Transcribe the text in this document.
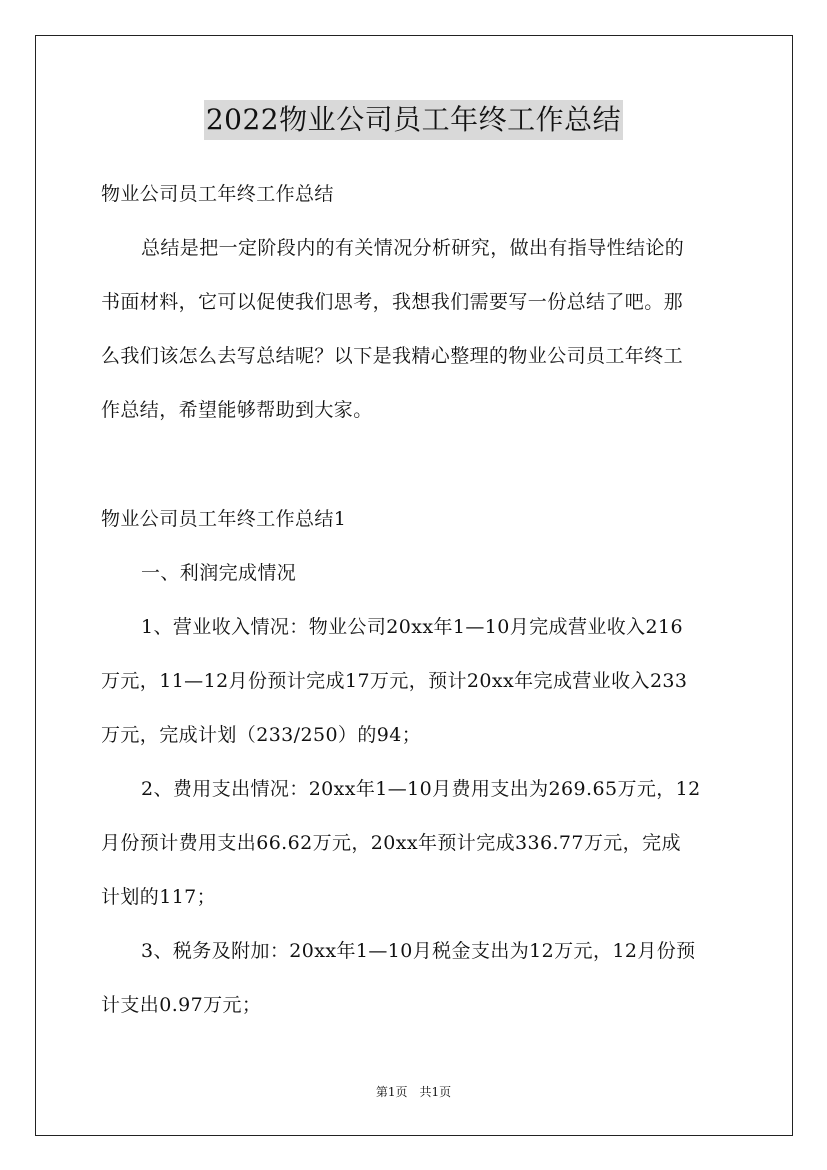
2022物业公司员工年终工作总结
物业公司员工年终工作总结
总结是把一定阶段内的有关情况分析研究，做出有指导性结论的
书面材料，它可以促使我们思考，我想我们需要写一份总结了吧。那
么我们该怎么去写总结呢？以下是我精心整理的物业公司员工年终工
作总结，希望能够帮助到大家。
物业公司员工年终工作总结1
一、利润完成情况
1、营业收入情况：物业公司20xx年1—10月完成营业收入216
万元，11—12月份预计完成17万元，预计20xx年完成营业收入233
万元，完成计划（233/250）的94；
2、费用支出情况：20xx年1—10月费用支出为269.65万元，12
月份预计费用支出66.62万元，20xx年预计完成336.77万元，完成
计划的117；
3、税务及附加：20xx年1—10月税金支出为12万元，12月份预
计支出0.97万元；
第1页　共1页
